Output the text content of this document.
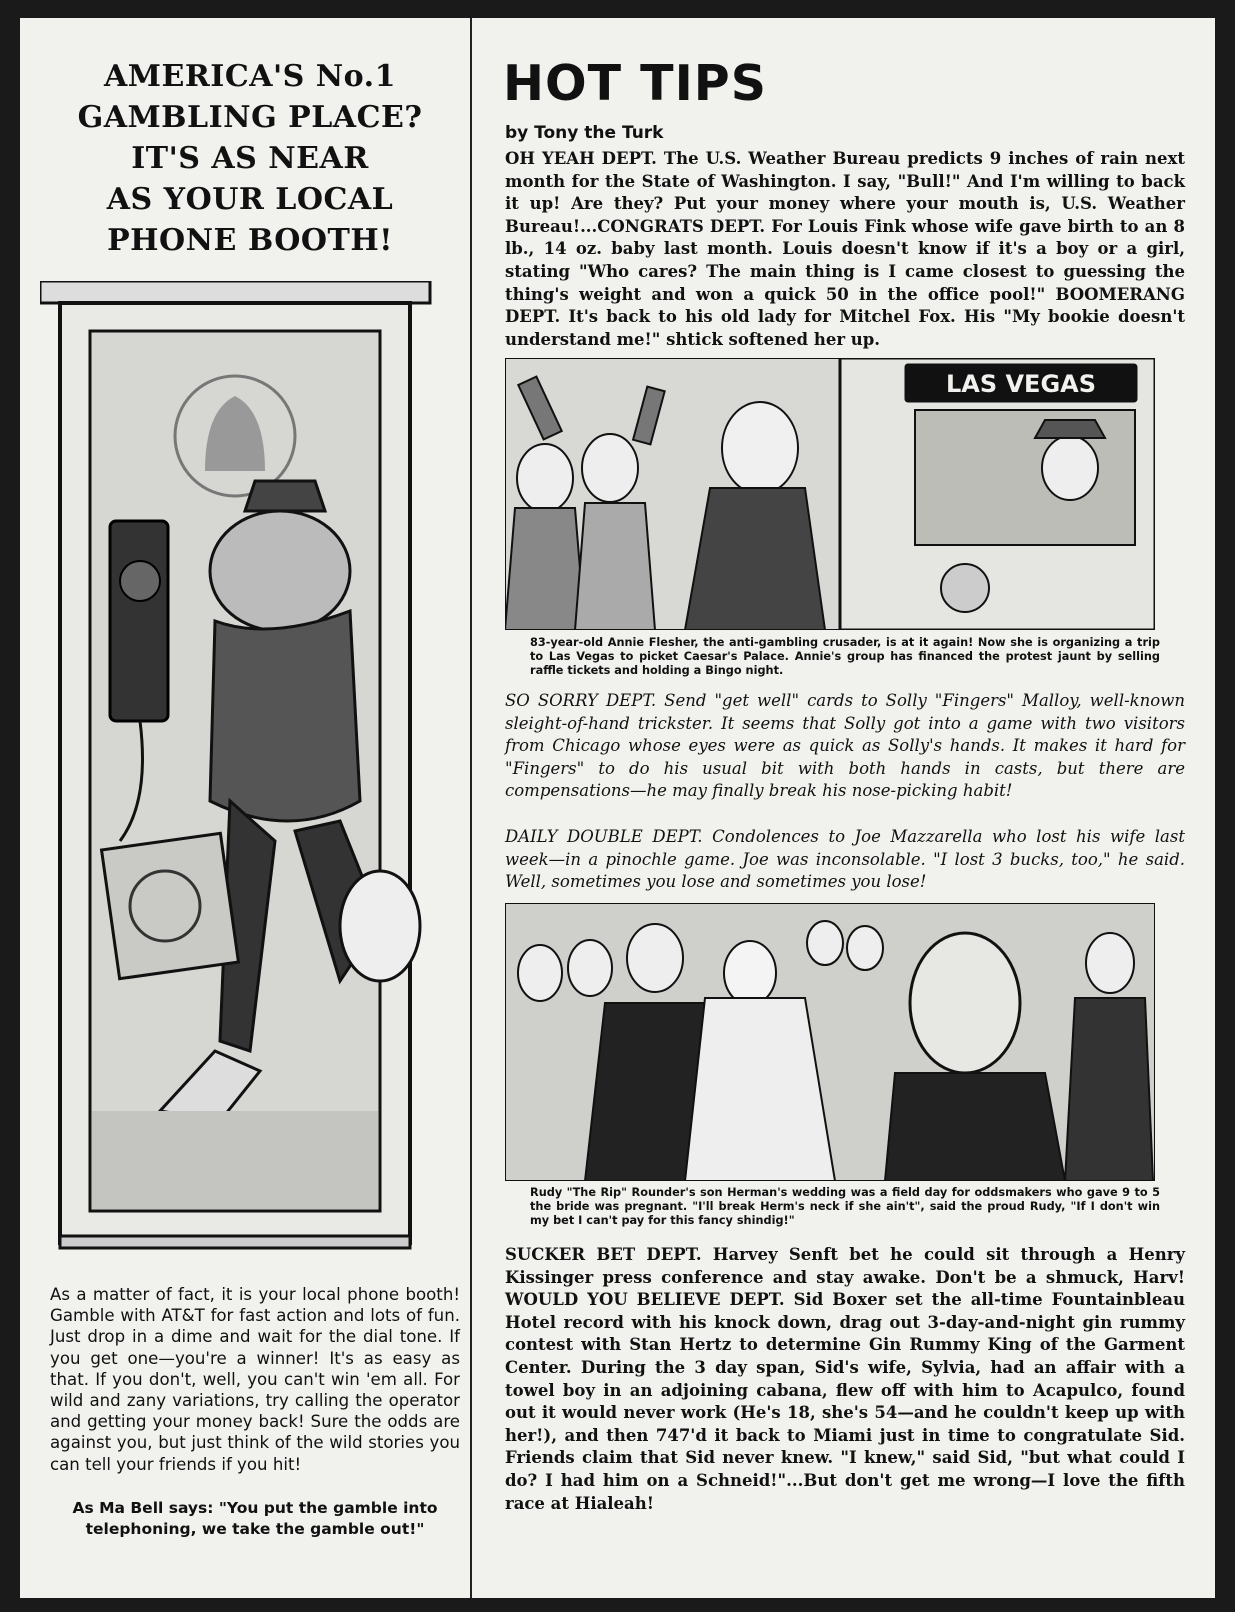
AMERICA'S No.1
GAMBLING PLACE?
IT'S AS NEAR
AS YOUR LOCAL
PHONE BOOTH!
As a matter of fact, it is your local phone booth! Gamble with AT&T for fast action and lots of fun. Just drop in a dime and wait for the dial tone. If you get one—you're a winner! It's as easy as that. If you don't, well, you can't win 'em all. For wild and zany variations, try calling the operator and getting your money back! Sure the odds are against you, but just think of the wild stories you can tell your friends if you hit!
As Ma Bell says: "You put the gamble into telephoning, we take the gamble out!"
HOT TIPS
by Tony the Turk
OH YEAH DEPT. The U.S. Weather Bureau predicts 9 inches of rain next month for the State of Washington. I say, "Bull!" And I'm willing to back it up! Are they? Put your money where your mouth is, U.S. Weather Bureau!...CONGRATS DEPT. For Louis Fink whose wife gave birth to an 8 lb., 14 oz. baby last month. Louis doesn't know if it's a boy or a girl, stating "Who cares? The main thing is I came closest to guessing the thing's weight and won a quick 50 in the office pool!" BOOMERANG DEPT. It's back to his old lady for Mitchel Fox. His "My bookie doesn't understand me!" shtick softened her up.
LAS VEGAS
83-year-old Annie Flesher, the anti-gambling crusader, is at it again! Now she is organizing a trip to Las Vegas to picket Caesar's Palace. Annie's group has financed the protest jaunt by selling raffle tickets and holding a Bingo night.
SO SORRY DEPT. Send "get well" cards to Solly "Fingers" Malloy, well-known sleight-of-hand trickster. It seems that Solly got into a game with two visitors from Chicago whose eyes were as quick as Solly's hands. It makes it hard for "Fingers" to do his usual bit with both hands in casts, but there are compensations—he may finally break his nose-picking habit!
DAILY DOUBLE DEPT. Condolences to Joe Mazzarella who lost his wife last week—in a pinochle game. Joe was inconsolable. "I lost 3 bucks, too," he said. Well, sometimes you lose and sometimes you lose!
Rudy "The Rip" Rounder's son Herman's wedding was a field day for oddsmakers who gave 9 to 5 the bride was pregnant. "I'll break Herm's neck if she ain't", said the proud Rudy, "If I don't win my bet I can't pay for this fancy shindig!"
SUCKER BET DEPT. Harvey Senft bet he could sit through a Henry Kissinger press conference and stay awake. Don't be a shmuck, Harv! WOULD YOU BELIEVE DEPT. Sid Boxer set the all-time Fountainbleau Hotel record with his knock down, drag out 3-day-and-night gin rummy contest with Stan Hertz to determine Gin Rummy King of the Garment Center. During the 3 day span, Sid's wife, Sylvia, had an affair with a towel boy in an adjoining cabana, flew off with him to Acapulco, found out it would never work (He's 18, she's 54—and he couldn't keep up with her!), and then 747'd it back to Miami just in time to congratulate Sid. Friends claim that Sid never knew. "I knew," said Sid, "but what could I do? I had him on a Schneid!"...But don't get me wrong—I love the fifth race at Hialeah!
